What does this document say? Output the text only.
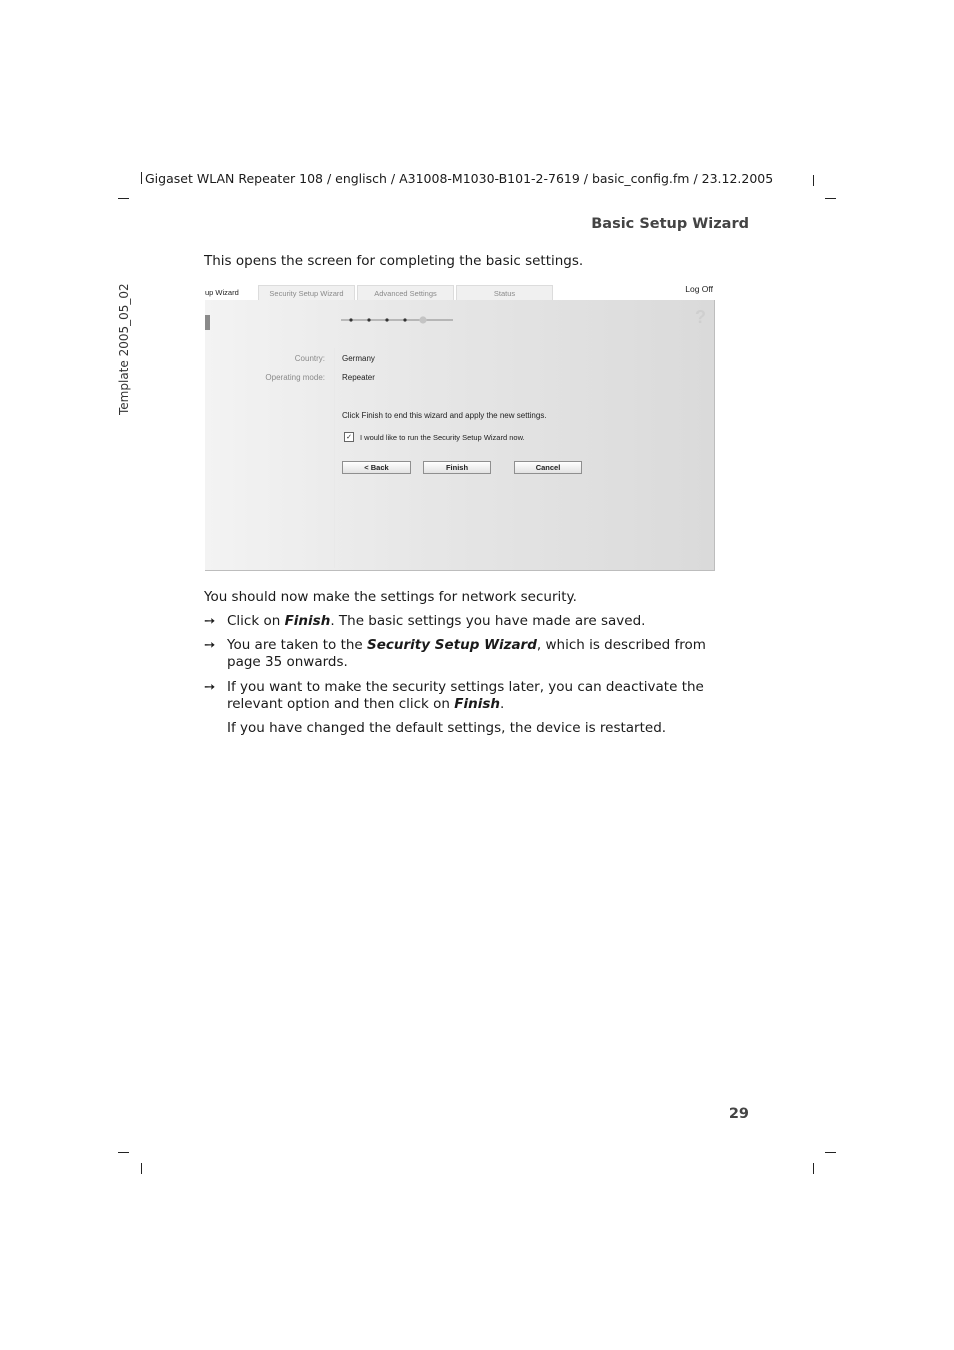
Gigaset WLAN Repeater 108 / englisch / A31008-M1030-B101-2-7619 / basic_config.fm / 23.12.2005
Basic Setup Wizard
Template 2005_05_02
This opens the screen for completing the basic settings.
up Wizard	Security Setup Wizard	Advanced Settings	Status	Log Off
?
Country: Germany
Operating mode: Repeater
Click Finish to end this wizard and apply the new settings.
✓ I would like to run the Security Setup Wizard now.
< Back	Finish	Cancel
You should now make the settings for network security.
➙ Click on Finish. The basic settings you have made are saved.
➙ You are taken to the Security Setup Wizard, which is described from page 35 onwards.
➙ If you want to make the security settings later, you can deactivate the relevant option and then click on Finish.
If you have changed the default settings, the device is restarted.
29
